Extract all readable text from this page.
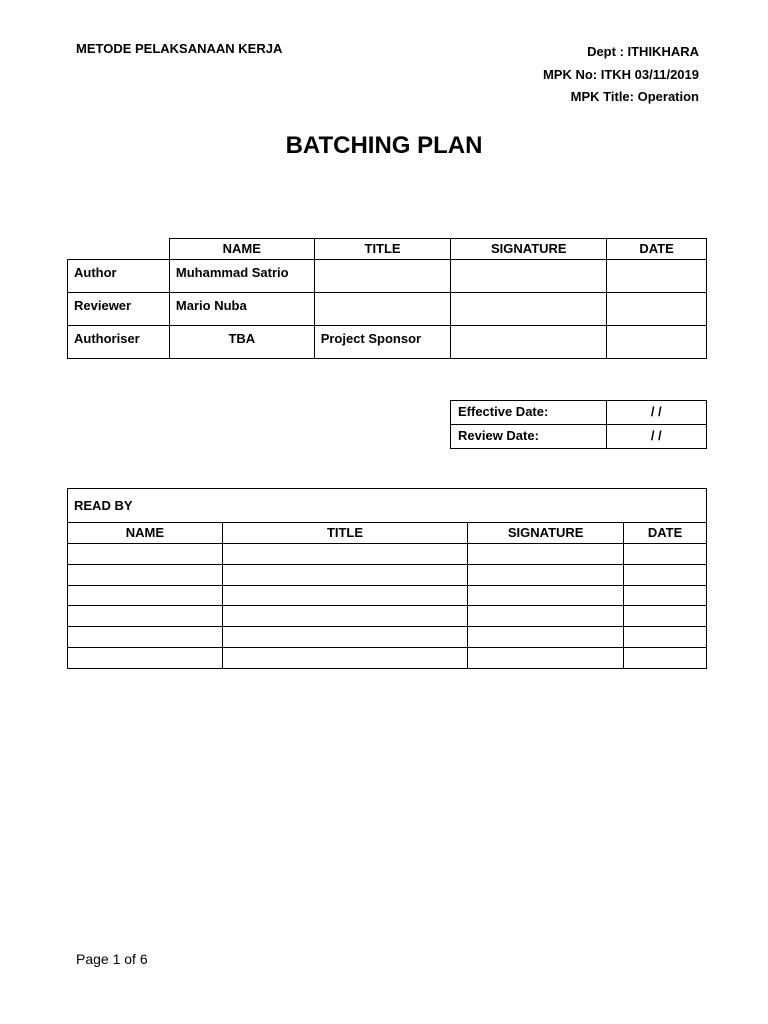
METODE PELAKSANAAN KERJA	Dept : ITHIKHARA
MPK No: ITKH 03/11/2019
MPK Title: Operation
BATCHING PLAN
	NAME	TITLE	SIGNATURE	DATE
Author	Muhammad Satrio			
Reviewer	Mario Nuba			
Authoriser	TBA	Project Sponsor		
Effective Date:	/ /
Review Date:	/ /
READ BY			
NAME	TITLE	SIGNATURE	DATE

Page 1 of 6
